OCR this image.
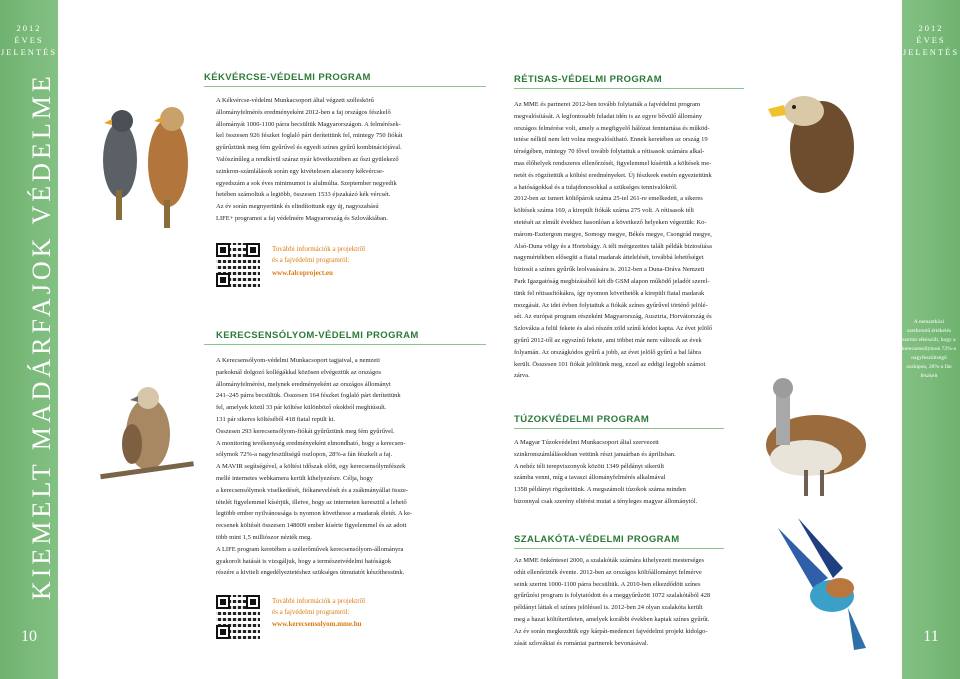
2012 ÉVES
JELENTÉS
KIEMELT MADÁRFAJOK VÉDELME
10
2012 ÉVES
JELENTÉS
A nemzetközi szerkezetű értékelés szerint elkészült, hogy a kerecsensólymok 72%-a nagyfeszültségű oszlopon, 28%-a fán fészkelt
11
KÉKVÉRCSE-VÉDELMI PROGRAM
A Kékvércse-védelmi Munkacsoport által végzett széleskörű
állományfelmérés eredményeként 2012-ben a faj országos fészkelő
állományát 1000-1100 párra becsültük Magyarországon. A felmérések-
kel összesen 926 fészket foglaló párt derítettünk fel, mintegy 750 fiókát
gyűrűztünk meg fém gyűrűvel és egyedi színes gyűrű kombinációjával.
Valószínűleg a rendkívül száraz nyár következtében az őszi gyülekező
szinkron-számlálások során egy kivételesen alacsony kékvércse-
egyedszám a sok éves minimumot is alulmúlta. Szeptember negyedik
hetében számoltuk a legtöbb, összesen 1533 éjszakázó kék vércsét.
Az év során megnyertünk és elindítottunk egy új, nagyszabású
LIFE+ programot a faj védelmére Magyarország és Szlovákiában.
További információk a projektről
és a fajvédelmi programról:
www.falcoproject.eu
KERECSENSÓLYOM-VÉDELMI PROGRAM
A Kerecsensólyom-védelmi Munkacsoport tagjaival, a nemzeti
parkoknál dolgozó kollégákkal közösen elvégeztük az országos
állományfelmérést, melynek eredményeként az országos állományt
241–245 párra becsültük. Összesen 164 fészket foglaló párt derítettünk
fel, amelyek közül 33 pár költése különböző okokból meghiúsult.
131 pár sikeres költéséből 418 fiatal repült ki.
Összesen 293 kerecsensólyom-fiókát gyűrűztünk meg fém gyűrűvel.
A monitoring tevékenység eredményeként elmondható, hogy a kerecsen-
sólymok 72%-a nagyfeszültségű oszlopon, 28%-a fán fészkelt a faj.
A MAVIR segítségével, a költési időszak előtt, egy kerecsensólymfészek
mellé internetes webkamera került kihelyezésre. Célja, hogy
a kerecsensólymok viselkedését, fiókanevelését és a zsákmányállat össze-
tételét figyelemmel kísérjük, illetve, hogy az interneten keresztül a lehető
legtöbb ember nyilvánossága is nyomon követhesse a madarak életét. A ke-
recsenek költését összesen 148009 ember kísérte figyelemmel és az adott
több mint 1,5 milliószor nézték meg.
A LIFE program keretében a szélerőművek kerecsensólyom-állományra
gyakorolt hatását is vizsgáljuk, hogy a természetvédelmi hatóságok
részére a kiviteli engedélyeztetéshez szükséges útmutatót készíthessünk.
További információk a projektről
és a fajvédelmi programról:
www.kerecsensolyom.mme.hu
RÉTISAS-VÉDELMI PROGRAM
Az MME és partnerei 2012-ben tovább folytatták a fajvédelmi program
megvalósítását. A legfontosabb feladat idén is az egyre bővülő állomány
országos felmérése volt, amely a megfigyelő hálózat fenntartása és működ-
tetése nélkül nem lett volna megvalósítható. Ennek keretében az ország 19
térségében, mintegy 70 fővel tovább folytattuk a rétisasok számára alkal-
mas élőhelyek rendszeres ellenőrzését, figyelemmel kísértük a költések me-
netét és rögzítettük a költési eredményeket. Új fészkeek esetén egyeztettünk
a hatóságokkal és a tulajdonosokkal a szükséges tennivalókról.
2012-ben az ismert költőpárok száma 25-tel 261-re emelkedett, a sikeres
költések száma 169, a kirepült fiókák száma 275 volt. A rétisasok téli
etetését az elmúlt évekhez hasonlóan a következő helyeken végeztük: Ko-
márom-Esztergom megye, Somogy megye, Békés megye, Csongrád megye,
Alsó-Duna völgy és a Hortobágy. A téli mérgezettes talált példák biztosítása
nagymértékben elősegíti a fiatal madarak áttelelését, továbbá lehetőséget
biztosít a színes gyűrűk leolvasására is. 2012-ben a Duna-Dráva Nemzeti
Park Igazgatóság megbízásából két db GSM alapon működő jeladót szerel-
tünk fel rétisasfiókákra, így nyomon követhetők a kirepült fiatal madarak
mozgását. Az idei évben folytattuk a fiókák színes gyűrűvel történő jelölé-
sét. Az európai program részeként Magyarország, Ausztria, Horvátország és
Szlovákia a felül fekete és alsó részén zöld színű kódot kapta. Az évet jelölő
gyűrű 2012-től az egyszínű fekete, ami többet már nem változik az évek
folyamán. Az országkódos gyűrű a jobb, az évet jelölő gyűrű a bal lábra
került. Összesen 101 fiókát jelöltünk meg, ezzel az eddigi legjobb számot
zárva.
TÚZOKVÉDELMI PROGRAM
A Magyar Túzokvédelmi Munkacsoport által szervezett
szinkronszámlálásokban vettünk részt januárban és áprilisban.
A nehéz téli terepviszonyok között 1349 példányt sikerült
számba venni, míg a tavaszi állományfelmérés alkalmával
1358 példányt rögzítettünk. A megszámolt túzokok száma minden
bizonnyal csak szerény eltérést mutat a tényleges magyar állománytól.
SZALAKÓTA-VÉDELMI PROGRAM
Az MME önkéntesei 2000, a szalakóták számára kihelyezett mesterséges
odút ellenőrizték évente. 2012-ben az országos költőállományt felmérve
seink szerint 1000-1100 párra becsültük. A 2010-ben elkezdődött színes
gyűrűzési program is folytatódott és a meggyűrűzött 1072 szalakótából 428
példányt láttak el színes jelöléssel is. 2012-ben 24 olyan szalakóta került
meg a hazai költőterületen, amelyek korábbi években kaptak színes gyűrűt.
Az év során megkezdtük egy kárpát-medencei fajvédelmi projekt kidolgo-
zását szlovákiai és romániai partnerek bevonásával.
